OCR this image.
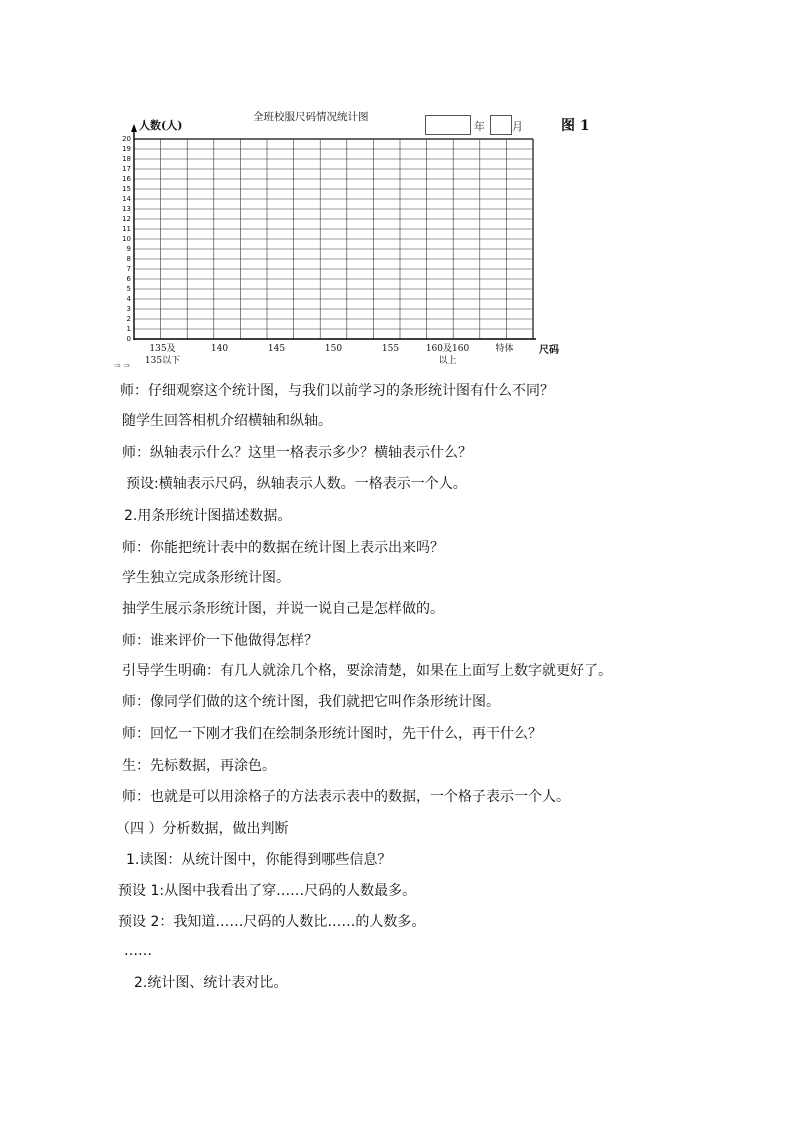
全班校服尺码情况统计图
年 月	图 1
人数(人)
0
1
2
3
4
5
6
7
8
9
10
11
12
13
14
15
16
17
18
19
20
135及
135以下
140	145	150	155	160及160
以上
特体	尺码
⇒ ⇒
师：仔细观察这个统计图，与我们以前学习的条形统计图有什么不同？
随学生回答相机介绍横轴和纵轴。
师：纵轴表示什么？这里一格表示多少？横轴表示什么？
预设:横轴表示尺码，纵轴表示人数。一格表示一个人。
2.用条形统计图描述数据。
师：你能把统计表中的数据在统计图上表示出来吗？
学生独立完成条形统计图。
抽学生展示条形统计图，并说一说自己是怎样做的。
师：谁来评价一下他做得怎样？
引导学生明确：有几人就涂几个格，要涂清楚，如果在上面写上数字就更好了。
师：像同学们做的这个统计图，我们就把它叫作条形统计图。
师：回忆一下刚才我们在绘制条形统计图时，先干什么，再干什么？
生：先标数据，再涂色。
师：也就是可以用涂格子的方法表示表中的数据，一个格子表示一个人。
（四 ）分析数据，做出判断
1.读图：从统计图中，你能得到哪些信息？
预设 1:从图中我看出了穿……尺码的人数最多。
预设 2：我知道……尺码的人数比……的人数多。
……
2.统计图、统计表对比。
